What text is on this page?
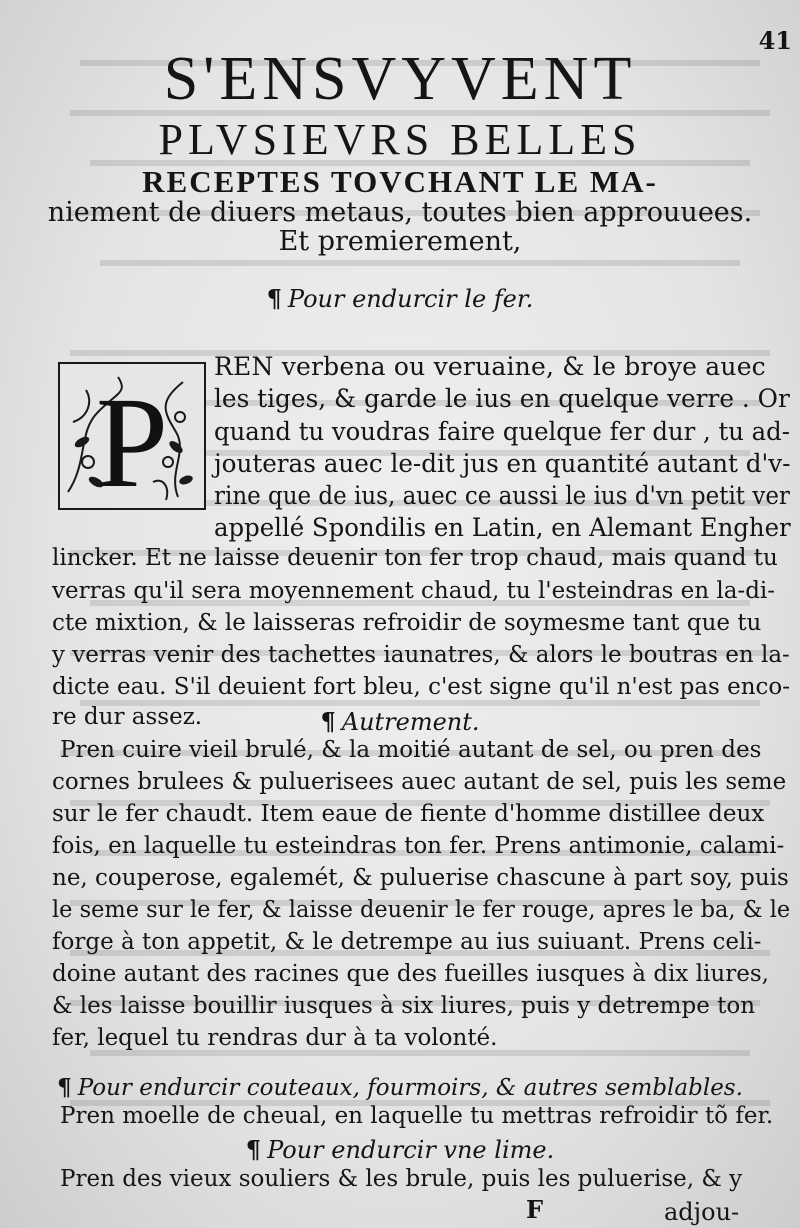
41
S'ENSVYVENT
PLVSIEVRS BELLES
RECEPTES TOVCHANT LE MA-
niement de diuers metaus, toutes bien approuuees.
Et premierement,
¶ Pour endurcir le fer.
P
REN verbena ou veruaine, & le broye auec
les tiges, & garde le ius en quelque verre . Or
quand tu voudras faire quelque fer dur , tu ad-
jouteras auec le-dit jus en quantité autant d'v-
rine que de ius, auec ce aussi le ius d'vn petit ver
appellé Spondilis en Latin, en Alemant Engher
lincker. Et ne laisse deuenir ton fer trop chaud, mais quand tu
verras qu'il sera moyennement chaud, tu l'esteindras en la-di-
cte mixtion, & le laisseras refroidir de soymesme tant que tu
y verras venir des tachettes iaunatres, & alors le boutras en la-
dicte eau. S'il deuient fort bleu, c'est signe qu'il n'est pas enco-
re dur assez.	¶ Autrement.
Pren cuire vieil brulé, & la moitié autant de sel, ou pren des
cornes brulees & puluerisees auec autant de sel, puis les seme
sur le fer chaudt. Item eaue de fiente d'homme distillee deux
fois, en laquelle tu esteindras ton fer. Prens antimonie, calami-
ne, couperose, egalemét, & puluerise chascune à part soy, puis
le seme sur le fer, & laisse deuenir le fer rouge, apres le ba, & le
forge à ton appetit, & le detrempe au ius suiuant. Prens celi-
doine autant des racines que des fueilles iusques à dix liures,
& les laisse bouillir iusques à six liures, puis y detrempe ton
fer, lequel tu rendras dur à ta volonté.
¶ Pour endurcir couteaux, fourmoirs, & autres semblables.
Pren moelle de cheual, en laquelle tu mettras refroidir tõ fer.
¶ Pour endurcir vne lime.
Pren des vieux souliers & les brule, puis les puluerise, & y
F	adjou-
